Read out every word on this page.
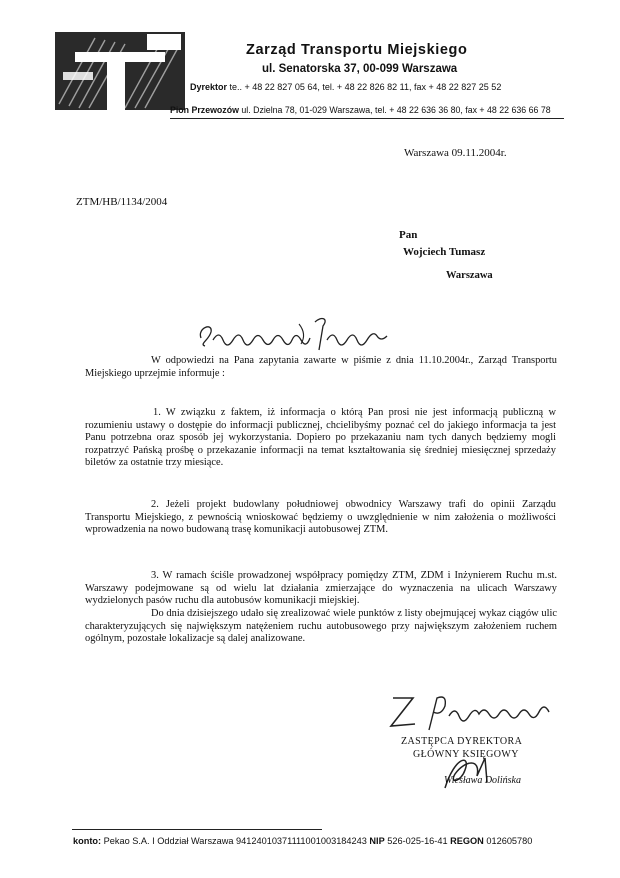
Zarząd Transportu Miejskiego
ul. Senatorska 37, 00-099 Warszawa
Dyrektor te.. + 48 22 827 05 64, tel. + 48 22 826 82 11, fax + 48 22 827 25 52
Pion Przewozów ul. Dzielna 78, 01-029 Warszawa, tel. + 48 22 636 36 80, fax + 48 22 636 66 78
Warszawa 09.11.2004r.
ZTM/HB/1134/2004
Pan
Wojciech Tumasz
Warszawa
W odpowiedzi na Pana zapytania zawarte w piśmie z dnia 11.10.2004r., Zarząd Transportu Miejskiego uprzejmie informuje :
1. W związku z faktem, iż informacja o którą Pan prosi nie jest informacją publiczną w rozumieniu ustawy o dostępie do informacji publicznej, chcielibyśmy poznać cel do jakiego informacja ta jest Panu potrzebna oraz sposób jej wykorzystania. Dopiero po przekazaniu nam tych danych będziemy mogli rozpatrzyć Pańską prośbę o przekazanie informacji na temat kształtowania się średniej miesięcznej sprzedaży biletów za ostatnie trzy miesiące.
2. Jeżeli projekt budowlany południowej obwodnicy Warszawy trafi do opinii Zarządu Transportu Miejskiego, z pewnością wnioskować będziemy o uwzględnienie w nim założenia o możliwości wprowadzenia na nowo budowaną trasę komunikacji autobusowej ZTM.
3. W ramach ściśle prowadzonej współpracy pomiędzy ZTM, ZDM i Inżynierem Ruchu m.st. Warszawy podejmowane są od wielu lat działania zmierzające do wyznaczenia na ulicach Warszawy wydzielonych pasów ruchu dla autobusów komunikacji miejskiej.
Do dnia dzisiejszego udało się zrealizować wiele punktów z listy obejmującej wykaz ciągów ulic charakteryzujących się największym natężeniem ruchu autobusowego przy największym założeniem ruchem ogólnym, pozostałe lokalizacje są dalej analizowane.
ZASTĘPCA DYREKTORA
GŁÓWNY KSIĘGOWY
Wiesława Dolińska
konto: Pekao S.A. I Oddział Warszawa 94124010371111001003184243 NIP 526-025-16-41 REGON 012605780
